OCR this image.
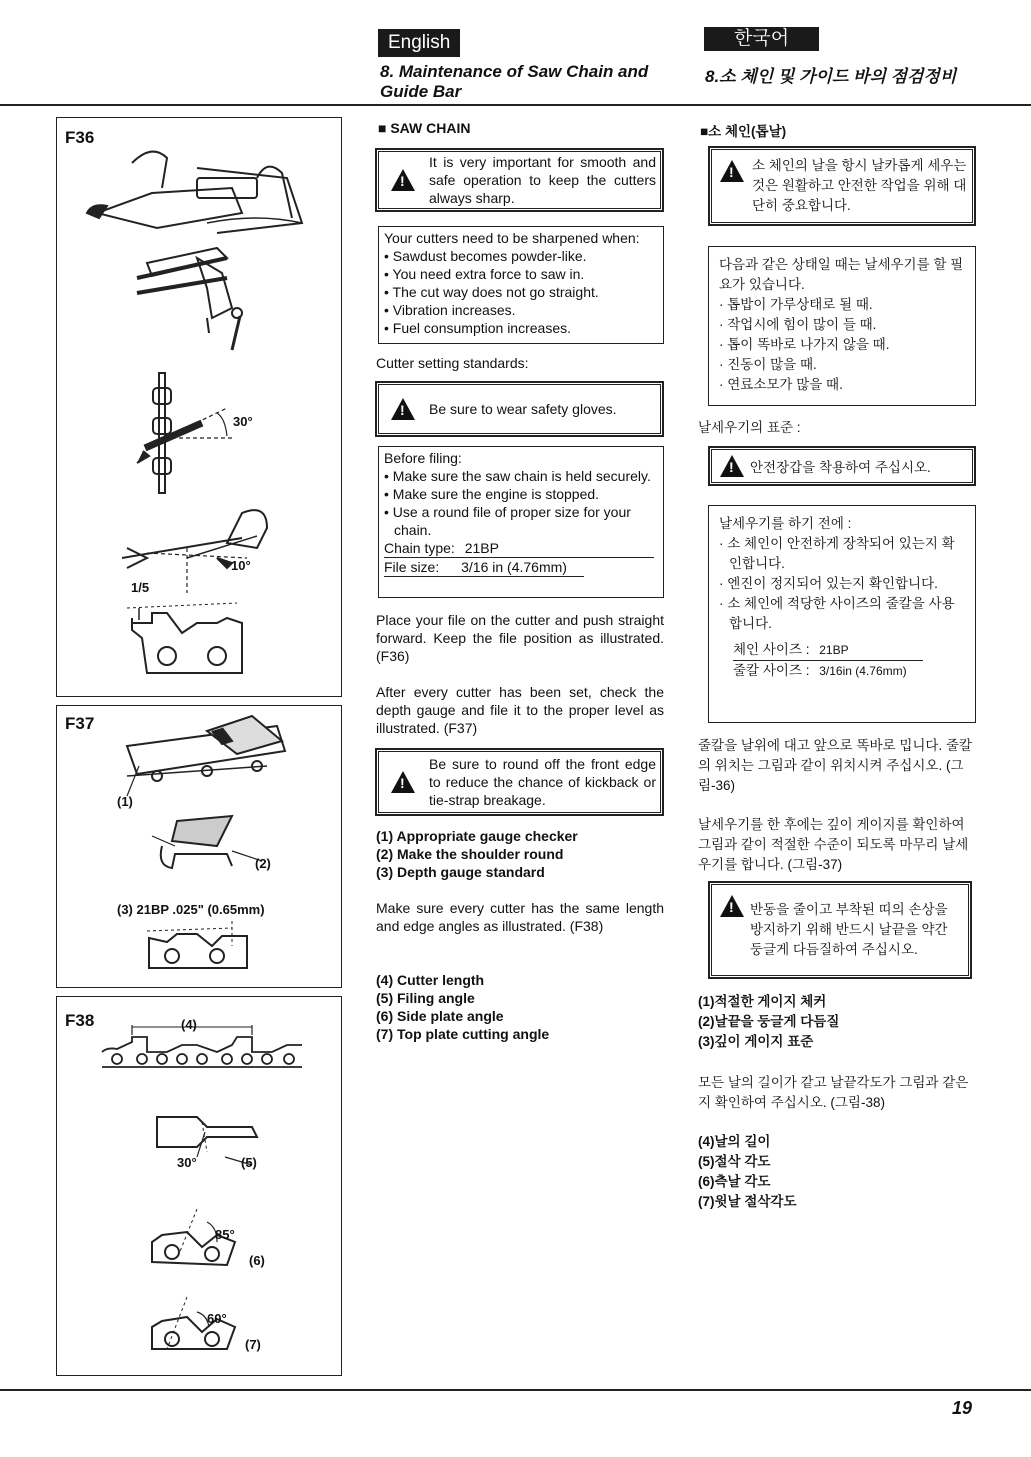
English	한국어
8. Maintenance of Saw Chain and Guide Bar
8.소 체인 및 가이드 바의 점검정비
F36
30°
10°
1/5
F37
(1)
(2)
(3) 21BP .025" (0.65mm)
F38	(4)
30°	(5)
85°
(6)
60°
(7)
■ SAW CHAIN
!
It is very important for smooth and safe operation to keep the cutters always sharp.
Your cutters need to be sharpened when:
• Sawdust becomes powder-like.
• You need extra force to saw in.
• The cut way does not go straight.
• Vibration increases.
• Fuel consumption increases.
Cutter setting standards:
!
Be sure to wear safety gloves.
Before filing:
• Make sure the saw chain is held securely.
• Make sure the engine is stopped.
• Use a round file of proper size for your chain.
Chain type: 21BP
File size: 3/16 in (4.76mm)
Place your file on the cutter and push straight forward. Keep the file position as illustrated. (F36)
After every cutter has been set, check the depth gauge and file it to the proper level as illustrated. (F37)
!
Be sure to round off the front edge to reduce the chance of kickback or tie-strap breakage.
(1) Appropriate gauge checker
(2) Make the shoulder round
(3) Depth gauge standard
Make sure every cutter has the same length and edge angles as illustrated. (F38)
(4) Cutter length
(5) Filing angle
(6) Side plate angle
(7) Top plate cutting angle
■소 체인(톱날)
!
소 체인의 날을 항시 날카롭게 세우는 것은 원활하고 안전한 작업을 위해 대단히 중요합니다.
다음과 같은 상태일 때는 날세우기를 할 필요가 있습니다.
· 톱밥이 가루상태로 될 때.
· 작업시에 힘이 많이 들 때.
· 톱이 똑바로 나가지 않을 때.
· 진동이 많을 때.
· 연료소모가 많을 때.
날세우기의 표준 :
!
안전장갑을 착용하여 주십시오.
날세우기를 하기 전에 :
· 소 체인이 안전하게 장착되어 있는지 확인합니다.
· 엔진이 정지되어 있는지 확인합니다.
· 소 체인에 적당한 사이즈의 줄칼을 사용합니다.
체인 사이즈 : 21BP
줄칼 사이즈 : 3/16in (4.76mm)
줄칼을 날위에 대고 앞으로 똑바로 밉니다. 줄칼의 위치는 그림과 같이 위치시켜 주십시오. (그림-36)
날세우기를 한 후에는 깊이 게이지를 확인하여 그림과 같이 적절한 수준이 되도록 마무리 날세우기를 합니다. (그림-37)
!
반동을 줄이고 부착된 띠의 손상을 방지하기 위해 반드시 날끝을 약간 둥글게 다듬질하여 주십시오.
(1)적절한 게이지 체커
(2)날끝을 둥글게 다듬질
(3)깊이 게이지 표준
모든 날의 길이가 같고 날끝각도가 그림과 같은지 확인하여 주십시오. (그림-38)
(4)날의 길이
(5)절삭 각도
(6)측날 각도
(7)윗날 절삭각도
19
